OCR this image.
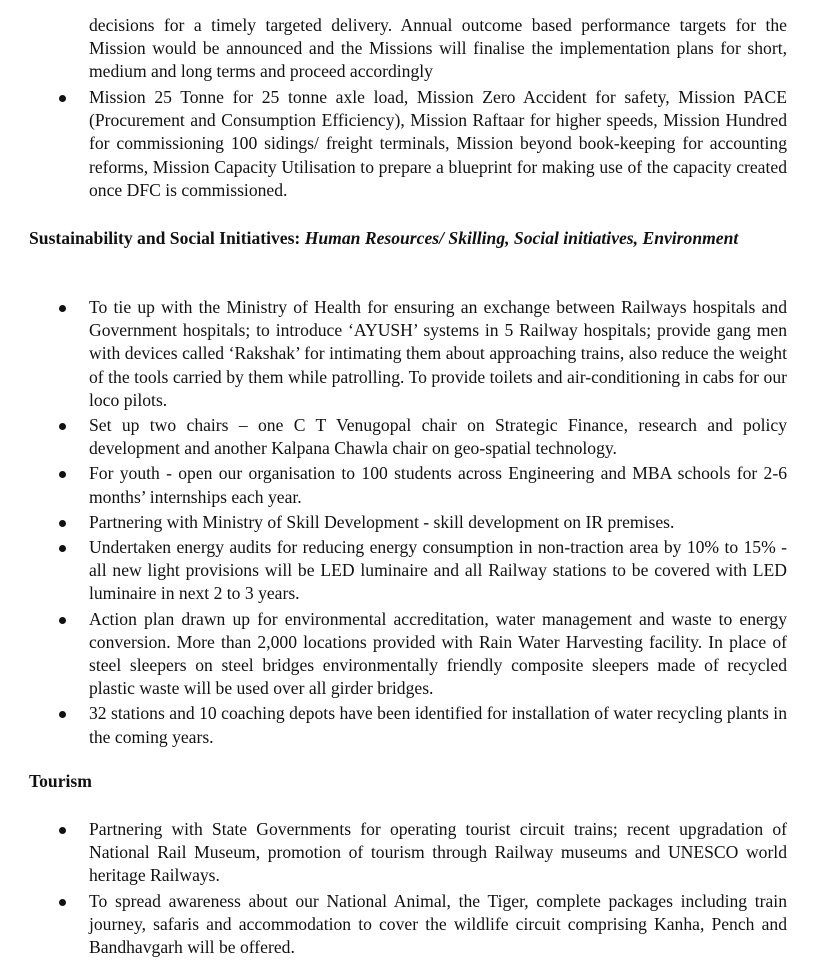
decisions for a timely targeted delivery. Annual outcome based performance targets for the Mission would be announced and the Missions will finalise the implementation plans for short, medium and long terms and proceed accordingly
Mission 25 Tonne for 25 tonne axle load, Mission Zero Accident for safety, Mission PACE (Procurement and Consumption Efficiency), Mission Raftaar for higher speeds, Mission Hundred for commissioning 100 sidings/ freight terminals, Mission beyond book-keeping for accounting reforms, Mission Capacity Utilisation to prepare a blueprint for making use of the capacity created once DFC is commissioned.
Sustainability and Social Initiatives: Human Resources/ Skilling, Social initiatives, Environment
To tie up with the Ministry of Health for ensuring an exchange between Railways hospitals and Government hospitals; to introduce ‘AYUSH’ systems in 5 Railway hospitals; provide gang men with devices called ‘Rakshak’ for intimating them about approaching trains, also reduce the weight of the tools carried by them while patrolling. To provide toilets and air-conditioning in cabs for our loco pilots.
Set up two chairs – one C T Venugopal chair on Strategic Finance, research and policy development and another Kalpana Chawla chair on geo-spatial technology.
For youth - open our organisation to 100 students across Engineering and MBA schools for 2-6 months’ internships each year.
Partnering with Ministry of Skill Development - skill development on IR premises.
Undertaken energy audits for reducing energy consumption in non-traction area by 10% to 15% - all new light provisions will be LED luminaire and all Railway stations to be covered with LED luminaire in next 2 to 3 years.
Action plan drawn up for environmental accreditation, water management and waste to energy conversion. More than 2,000 locations provided with Rain Water Harvesting facility. In place of steel sleepers on steel bridges environmentally friendly composite sleepers made of recycled plastic waste will be used over all girder bridges.
32 stations and 10 coaching depots have been identified for installation of water recycling plants in the coming years.
Tourism
Partnering with State Governments for operating tourist circuit trains; recent upgradation of National Rail Museum, promotion of tourism through Railway museums and UNESCO world heritage Railways.
To spread awareness about our National Animal, the Tiger, complete packages including train journey, safaris and accommodation to cover the wildlife circuit comprising Kanha, Pench and Bandhavgarh will be offered.
